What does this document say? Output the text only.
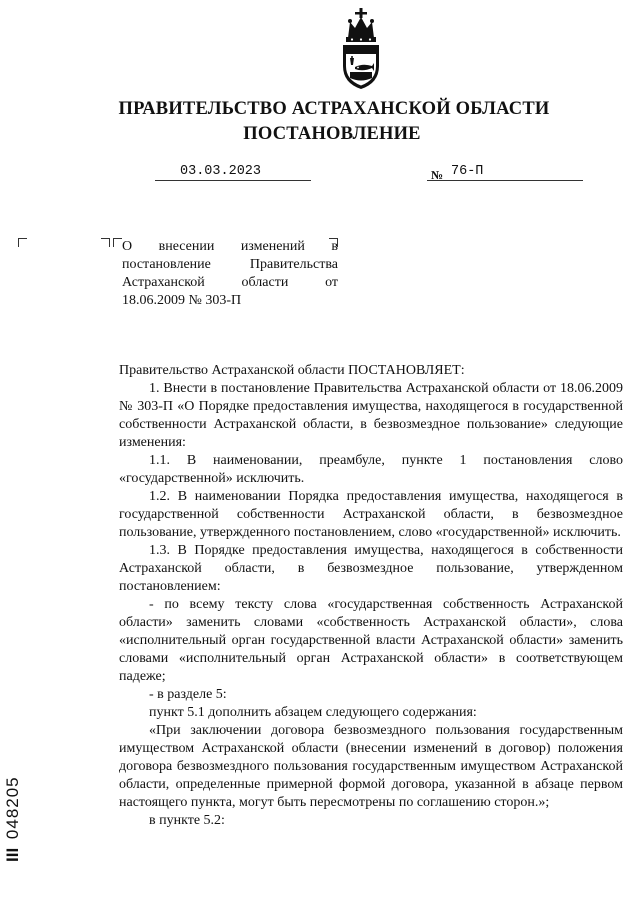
ПРАВИТЕЛЬСТВО АСТРАХАНСКОЙ ОБЛАСТИ
ПОСТАНОВЛЕНИЕ
03.03.2023	№ 76-П
О внесении изменений в постановление Правительства Астраханской области от 18.06.2009 № 303-П

Правительство Астраханской области ПОСТАНОВЛЯЕТ:

1. Внести в постановление Правительства Астраханской области от 18.06.2009 № 303-П «О Порядке предоставления имущества, находящегося в государственной собственности Астраханской области, в безвозмездное пользование» следующие изменения:

1.1. В наименовании, преамбуле, пункте 1 постановления слово «государственной» исключить.

1.2. В наименовании Порядка предоставления имущества, находящегося в государственной собственности Астраханской области, в безвозмездное пользование, утвержденного постановлением, слово «государственной» исключить.

1.3. В Порядке предоставления имущества, находящегося в собственности Астраханской области, в безвозмездное пользование, утвержденном постановлением:

- по всему тексту слова «государственная собственность Астраханской области» заменить словами «собственность Астраханской области», слова «исполнительный орган государственной власти Астраханской области» заменить словами «исполнительный орган Астраханской области» в соответствующем падеже;

- в разделе 5:

пункт 5.1 дополнить абзацем следующего содержания:

«При заключении договора безвозмездного пользования государственным имуществом Астраханской области (внесении изменений в договор) положения договора безвозмездного пользования государственным имуществом Астраханской области, определенные примерной формой договора, указанной в абзаце первом настоящего пункта, могут быть пересмотрены по соглашению сторон.»;

в пункте 5.2:

III 048205
